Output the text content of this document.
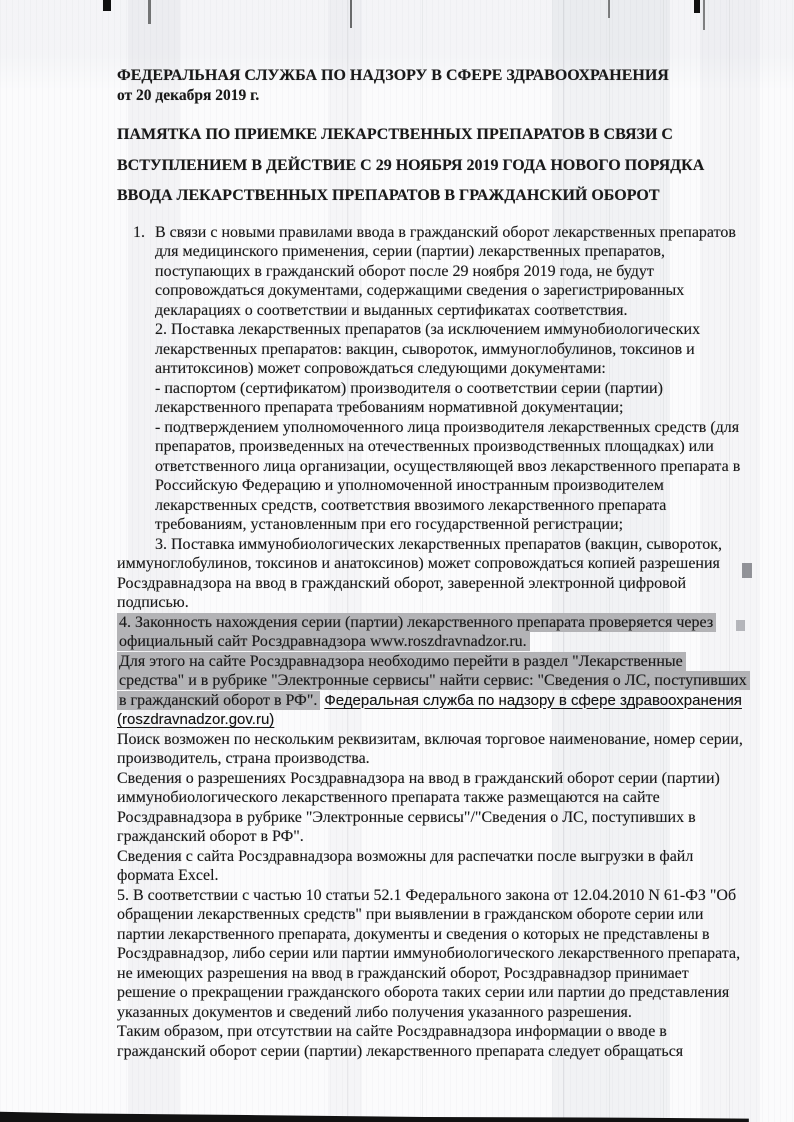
ФЕДЕРАЛЬНАЯ СЛУЖБА ПО НАДЗОРУ В СФЕРЕ ЗДРАВООХРАНЕНИЯ

от 20 декабря 2019 г.

ПАМЯТКА ПО ПРИЕМКЕ ЛЕКАРСТВЕННЫХ ПРЕПАРАТОВ В СВЯЗИ С
ВСТУПЛЕНИЕМ В ДЕЙСТВИЕ С 29 НОЯБРЯ 2019 ГОДА НОВОГО ПОРЯДКА
ВВОДА ЛЕКАРСТВЕННЫХ ПРЕПАРАТОВ В ГРАЖДАНСКИЙ ОБОРОТ

1. В связи с новыми правилами ввода в гражданский оборот лекарственных препаратов для медицинского применения, серии (партии) лекарственных препаратов, поступающих в гражданский оборот после 29 ноября 2019 года, не будут сопровождаться документами, содержащими сведения о зарегистрированных декларациях о соответствии и выданных сертификатах соответствия.

2. Поставка лекарственных препаратов (за исключением иммунобиологических лекарственных препаратов: вакцин, сывороток, иммуноглобулинов, токсинов и антитоксинов) может сопровождаться следующими документами:

- паспортом (сертификатом) производителя о соответствии серии (партии) лекарственного препарата требованиям нормативной документации;

- подтверждением уполномоченного лица производителя лекарственных средств (для препаратов, произведенных на отечественных производственных площадках) или ответственного лица организации, осуществляющей ввоз лекарственного препарата в Российскую Федерацию и уполномоченной иностранным производителем лекарственных средств, соответствия ввозимого лекарственного препарата требованиям, установленным при его государственной регистрации;

3. Поставка иммунобиологических лекарственных препаратов (вакцин, сывороток,

иммуноглобулинов, токсинов и анатоксинов) может сопровождаться копией разрешения Росздравнадзора на ввод в гражданский оборот, заверенной электронной цифровой подписью.

4. Законность нахождения серии (партии) лекарственного препарата проверяется через официальный сайт Росздравнадзора www.roszdravnadzor.ru.

Для этого на сайте Росздравнадзора необходимо перейти в раздел "Лекарственные средства" и в рубрике "Электронные сервисы" найти сервис: "Сведения о ЛС, поступивших в гражданский оборот в РФ". Федеральная служба по надзору в сфере здравоохранения (roszdravnadzor.gov.ru)

Поиск возможен по нескольким реквизитам, включая торговое наименование, номер серии, производитель, страна производства.

Сведения о разрешениях Росздравнадзора на ввод в гражданский оборот серии (партии) иммунобиологического лекарственного препарата также размещаются на сайте Росздравнадзора в рубрике "Электронные сервисы"/"Сведения о ЛС, поступивших в гражданский оборот в РФ".

Сведения с сайта Росздравнадзора возможны для распечатки после выгрузки в файл формата Excel.

5. В соответствии с частью 10 статьи 52.1 Федерального закона от 12.04.2010 N 61-ФЗ "Об обращении лекарственных средств" при выявлении в гражданском обороте серии или партии лекарственного препарата, документы и сведения о которых не представлены в Росздравнадзор, либо серии или партии иммунобиологического лекарственного препарата, не имеющих разрешения на ввод в гражданский оборот, Росздравнадзор принимает решение о прекращении гражданского оборота таких серии или партии до представления указанных документов и сведений либо получения указанного разрешения.

Таким образом, при отсутствии на сайте Росздравнадзора информации о вводе в гражданский оборот серии (партии) лекарственного препарата следует обращаться
